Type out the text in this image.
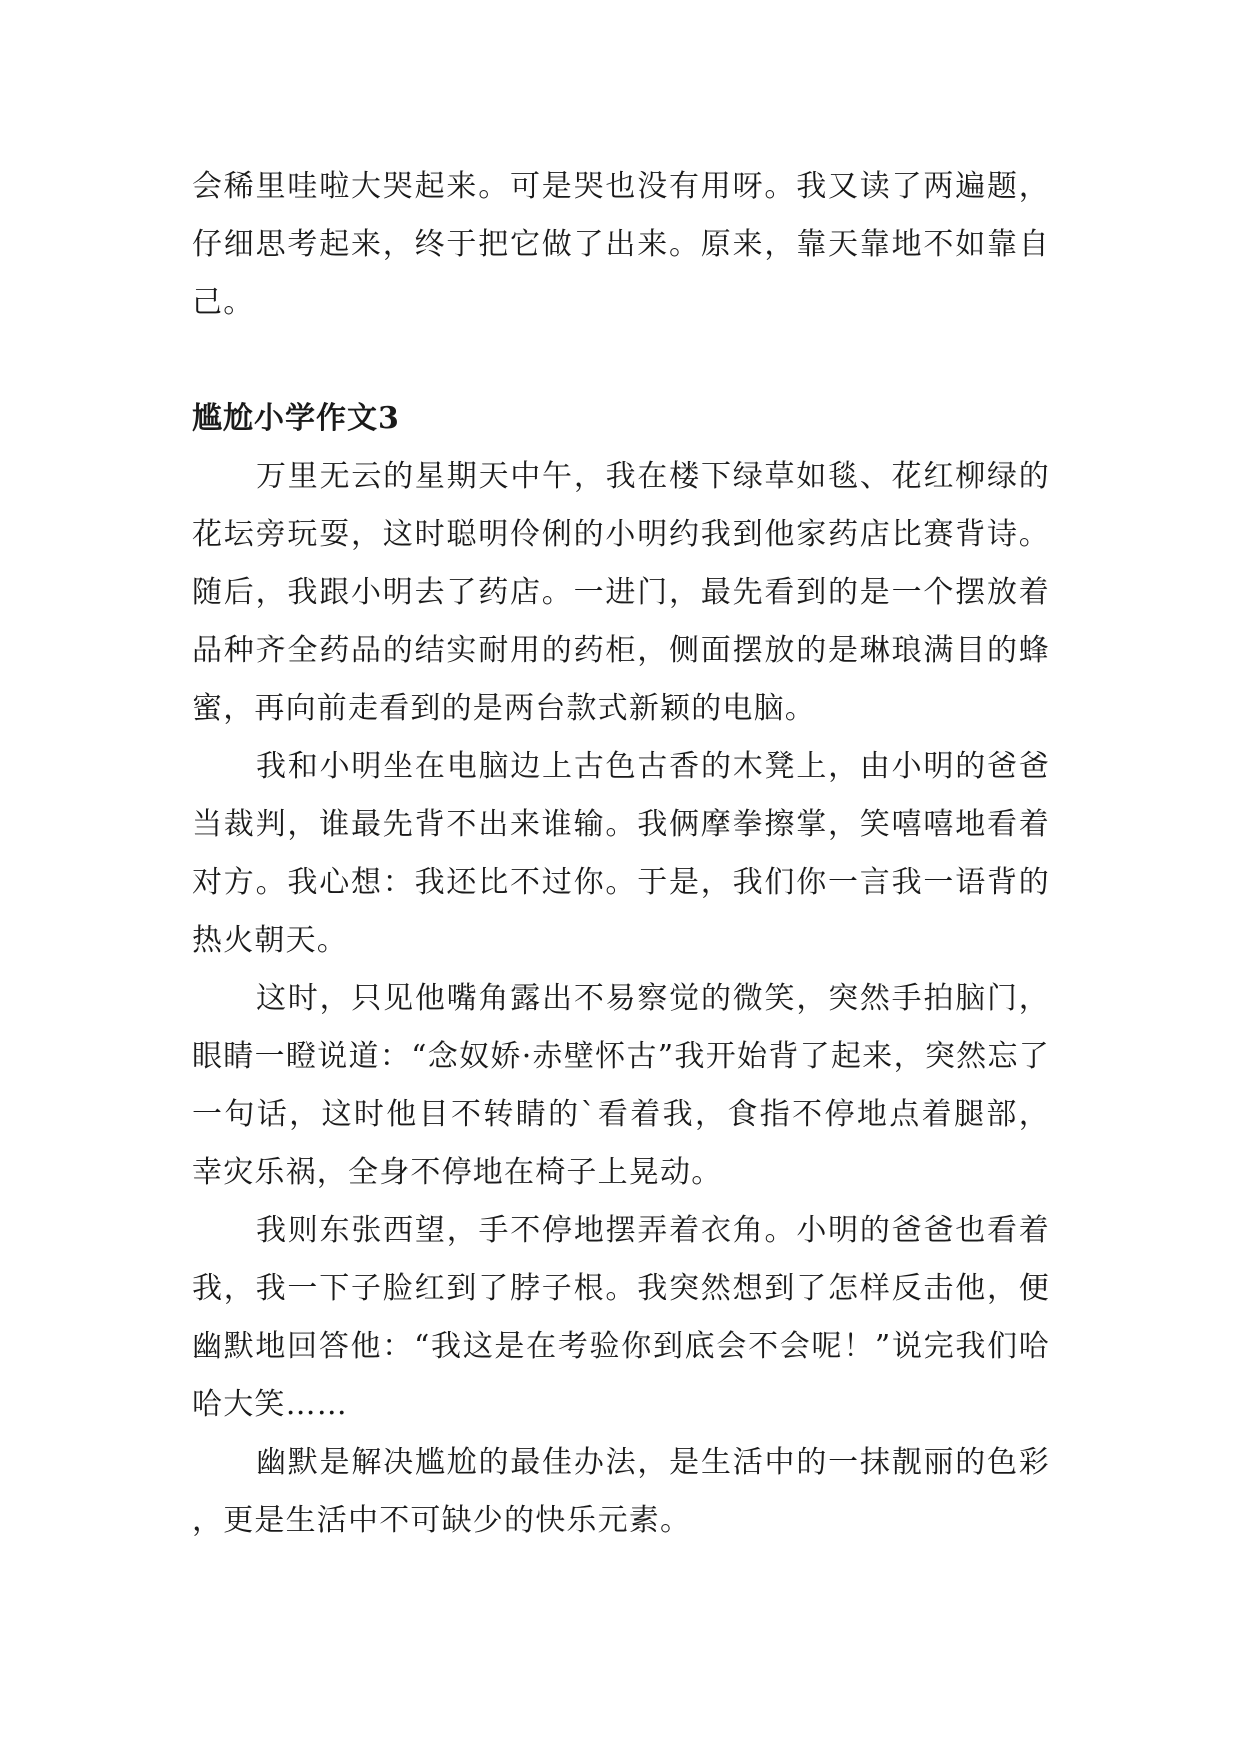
会稀里哇啦大哭起来。可是哭也没有用呀。我又读了两遍题，仔细思考起来，终于把它做了出来。原来，靠天靠地不如靠自己。

尴尬小学作文3

万里无云的星期天中午，我在楼下绿草如毯、花红柳绿的花坛旁玩耍，这时聪明伶俐的小明约我到他家药店比赛背诗。 随后，我跟小明去了药店。一进门，最先看到的是一个摆放着品种齐全药品的结实耐用的药柜，侧面摆放的是琳琅满目的蜂蜜，再向前走看到的是两台款式新颖的电脑。

我和小明坐在电脑边上古色古香的木凳上，由小明的爸爸当裁判，谁最先背不出来谁输。我俩摩拳擦掌，笑嘻嘻地看着对方。我心想：我还比不过你。于是，我们你一言我一语背的热火朝天。

这时，只见他嘴角露出不易察觉的微笑，突然手拍脑门，眼睛一瞪说道：“念奴娇·赤壁怀古”我开始背了起来，突然忘了一句话，这时他目不转睛的`看着我，食指不停地点着腿部，幸灾乐祸，全身不停地在椅子上晃动。

我则东张西望，手不停地摆弄着衣角。小明的爸爸也看着我，我一下子脸红到了脖子根。我突然想到了怎样反击他，便幽默地回答他：“我这是在考验你到底会不会呢！”说完我们哈哈大笑……

幽默是解决尴尬的最佳办法，是生活中的一抹靓丽的色彩 ，更是生活中不可缺少的快乐元素。
